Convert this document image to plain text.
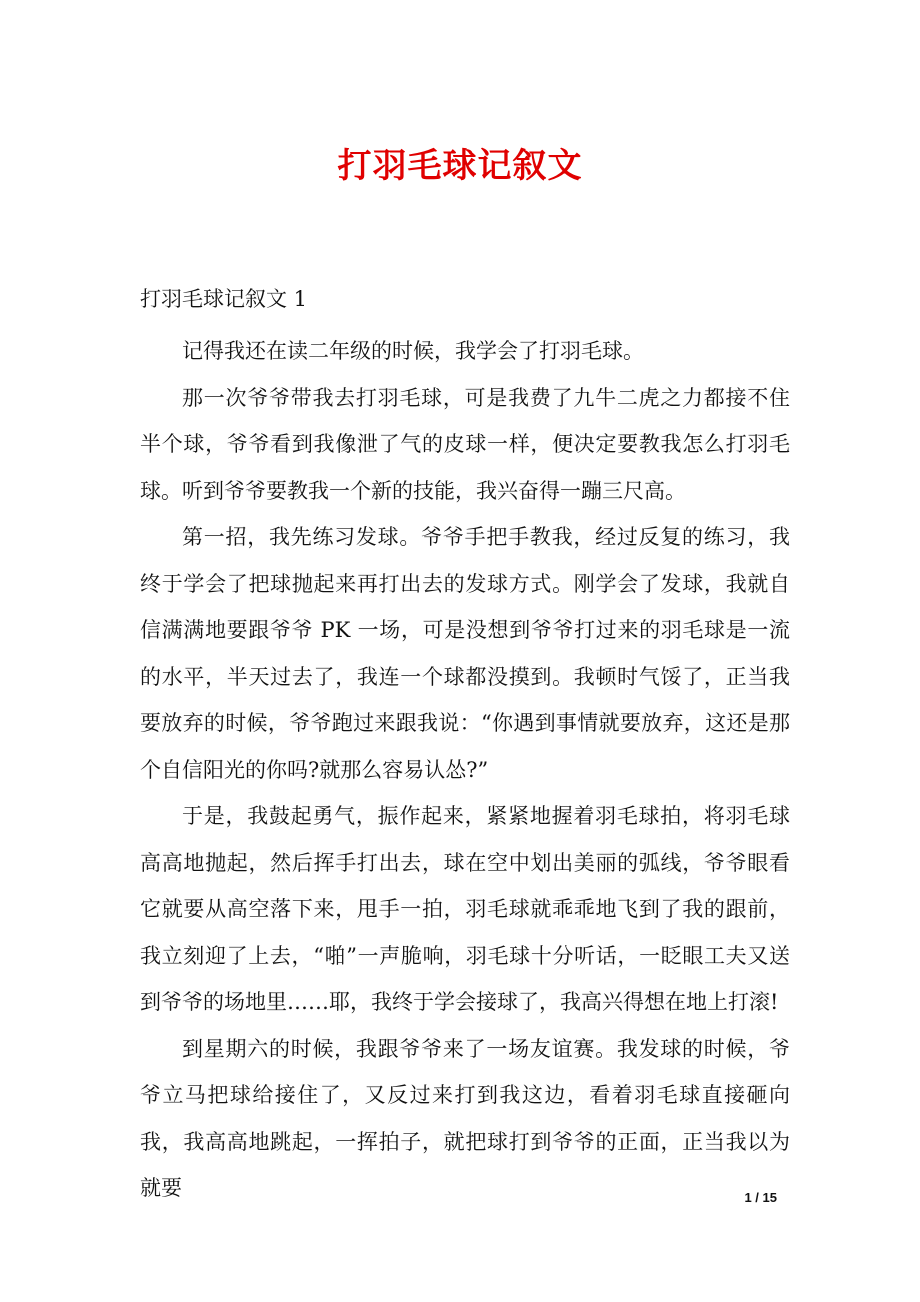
打羽毛球记叙文

打羽毛球记叙文 1

记得我还在读二年级的时候，我学会了打羽毛球。

那一次爷爷带我去打羽毛球，可是我费了九牛二虎之力都接不住半个球，爷爷看到我像泄了气的皮球一样，便决定要教我怎么打羽毛球。听到爷爷要教我一个新的技能，我兴奋得一蹦三尺高。

第一招，我先练习发球。爷爷手把手教我，经过反复的练习，我终于学会了把球抛起来再打出去的发球方式。刚学会了发球，我就自信满满地要跟爷爷 PK 一场，可是没想到爷爷打过来的羽毛球是一流的水平，半天过去了，我连一个球都没摸到。我顿时气馁了，正当我要放弃的时候，爷爷跑过来跟我说：“你遇到事情就要放弃，这还是那个自信阳光的你吗?就那么容易认怂?”

于是，我鼓起勇气，振作起来，紧紧地握着羽毛球拍，将羽毛球高高地抛起，然后挥手打出去，球在空中划出美丽的弧线，爷爷眼看它就要从高空落下来，甩手一拍，羽毛球就乖乖地飞到了我的跟前，我立刻迎了上去，“啪”一声脆响，羽毛球十分听话，一眨眼工夫又送到爷爷的场地里……耶，我终于学会接球了，我高兴得想在地上打滚!

到星期六的时候，我跟爷爷来了一场友谊赛。我发球的时候，爷爷立马把球给接住了，又反过来打到我这边，看着羽毛球直接砸向我，我高高地跳起，一挥拍子，就把球打到爷爷的正面，正当我以为就要	1 / 15
